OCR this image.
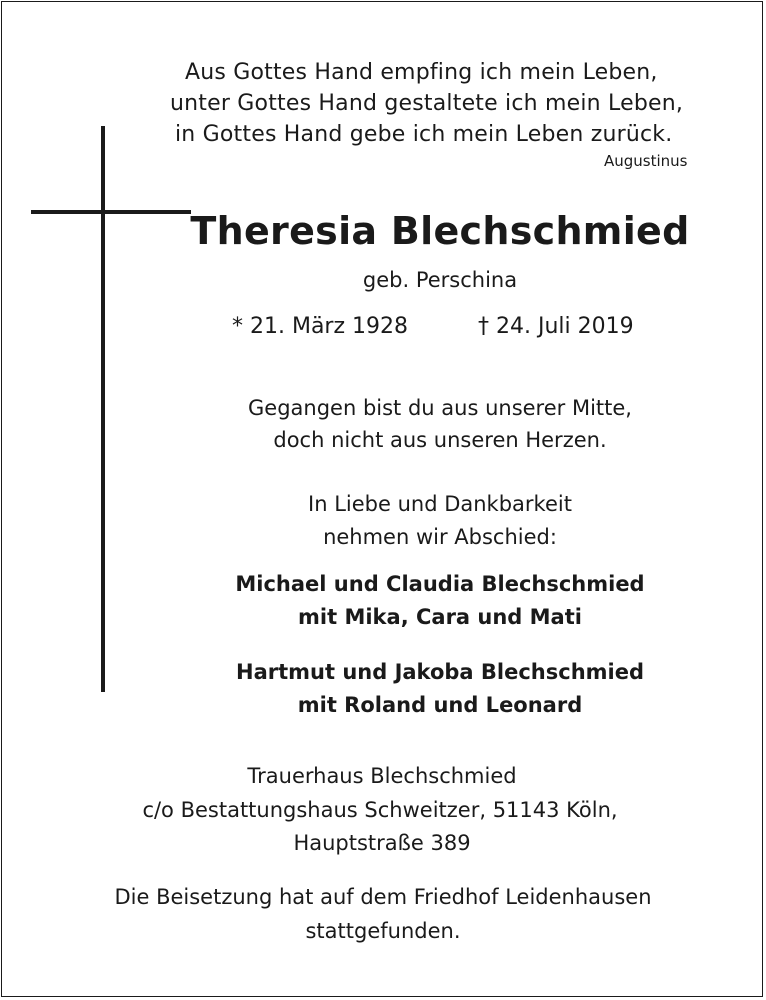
Aus Gottes Hand empfing ich mein Leben,
unter Gottes Hand gestaltete ich mein Leben,
in Gottes Hand gebe ich mein Leben zurück.
Augustinus
Theresia Blechschmied
geb. Perschina
* 21. März 1928	† 24. Juli 2019
Gegangen bist du aus unserer Mitte,
doch nicht aus unseren Herzen.
In Liebe und Dankbarkeit
nehmen wir Abschied:
Michael und Claudia Blechschmied
mit Mika, Cara und Mati
Hartmut und Jakoba Blechschmied
mit Roland und Leonard
Trauerhaus Blechschmied
c/o Bestattungshaus Schweitzer, 51143 Köln,
Hauptstraße 389
Die Beisetzung hat auf dem Friedhof Leidenhausen
stattgefunden.
